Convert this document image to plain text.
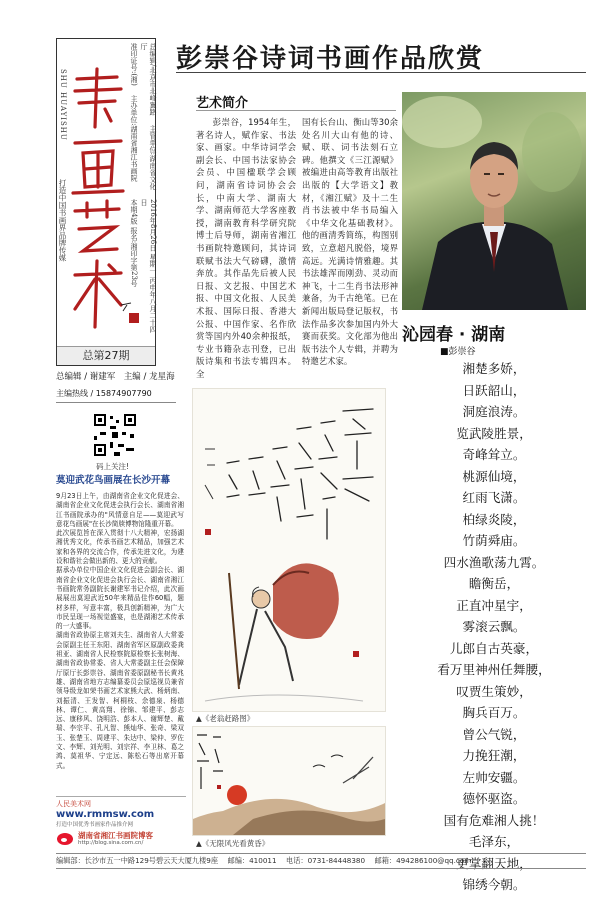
总编辑/北京市北峰翼路　 主管单位:湖南省文化厅
准印证号:(湘)　 主办单位:湖南省湘江书画院
2016年8月26日 星期一 丙申年八月二十四日
本期4版 报名:湘印字第23号
SHU HUAYISHU
打造中国书画界品牌传媒
总第27期
彭崇谷诗词书画作品欣赏
总编辑 / 谢建军　 主编 / 龙星海
主编热线 / 15874907790
码上关注!
莫迎武花鸟画展在长沙开幕
9月23日上午，由湖南省企业文化促进会、湖南省企业文化促进会执行会长、湖南省湘江书画院承办的"风情意自足——莫迎武写意花鸟画展"在长沙简牍博物馆隆重开幕。
此次展览旨在深入贯彻十八大精神，宏扬湖湘优秀文化，传承书画艺术精品，加强艺术家和各界的交流合作，传承先进文化，为建设和谐社会做出新的、更大的贡献。
据承办单位中国企业文化促进会副会长、湖南省企业文化促进会执行会长、湖南省湘江书画院常务副院长谢建军书记介绍，此次画展展出莫迎武近50年来精品佳作60幅，题材多样，写意丰富，极具创新精神，为广大市民呈现一场视觉盛宴，也是湖湘艺术传承的一大盛事。
湖南省政协原主席刘夫生、湖南省人大常委会原副主任王东阳、湖南省军区原副政委龚祖亚、湖南省人民检察院原检察长张树海、湖南省政协常委、省人大常委副主任会保障厅原厅长彭崇谷、湖南省委原副秘书长黄兆雄、湖南省地方志编纂委员会原巡视员兼省领导级龙如荣书画艺术家熊大武、杨炳南、刘振清、王发智、柯桐枝、余德泉、杨德林、谭仁、黄高翔、徐锦、邹建平、彭志远、康移风、饶明浩、彭本人、谢辉楚、戴瑞、李宗平、孔凡智、熊灿华、张奇、梁双玉、张楚玉、周建平、朱达中、梁仲、罗佐文、李辉、刘光明、刘宗祥、李卫林、葛之鸿、莫祖华、宁定远、陈松石等出席开幕式。
人民美术网
www.rmmsw.com
打造中国优秀书画家作品推介网
湖南省湘江书画院博客
http://blog.sina.com.cn/
艺术简介
彭崇谷，1954年生，著名诗人，赋作家、书法家、画家。中华诗词学会副会长、中国书法家协会会员、中国楹联学会顾问，湖南省诗词协会会长，中南大学、湖南大学、湖南师范大学客座教授，湖南教育科学研究院博士后导师，湖南省湘江书画院特邀顾问，其诗词联赋书法大气磅礴，激情奔放。其作品先后被人民日报、文艺报、中国艺术报、中国文化报、人民美术报、国际日报、香港大公报、中国作家、名作欣赏等国内外40余种报纸，专业书籍杂志刊登，已出版诗集和书法专辑四本。全
国有长台山、衡山等30余处名川大山有他的诗、赋、联、词书法刻石立碑。他撰文《三江源赋》被编进由高等教育出版社出版的【大学语文】教材，《湘江赋》及十二生肖书法被中华书局编入《中华文化基础教材》。他的画清秀简练，构图别致，立意超凡脱俗，境界高远。光满诗情雅趣。其书法雄浑而刚劲、灵动而神飞，十二生肖书法形神兼备，为千古绝笔。已在新闻出版局登记版权，书法作品多次参加国内外大赛而获奖。文化部为他出版书法个人专辑，并聘为特邀艺术家。
沁园春 · 湖南
■彭崇谷
湘楚多娇，
日跃韶山，
洞庭浪涛。
览武陵胜景，
奇峰耸立。
桃源仙境，
红雨飞潇。
柏绿炎陵，
竹荫舜庙。
四水渔歌荡九霄。
瞻衡岳，
正直冲星宇，
雾滚云飘。
儿郎自古英豪，
看万里神州任舞腰，
叹贾生策妙，
胸兵百万。
曾公气锐，
力挽狂潮，
左帅安疆。
德怀驱盗。
国有危难湘人挑！
毛泽东，
更掌翻天地，
锦绣今朝。
▲《老翁赶路图》
▲《无限风光看黄昏》
编辑部：长沙市五一中路129号碧云天大厦九楼9座　 邮编：410011　 电话：0731-84448380　 邮箱：494286100@qq.com
